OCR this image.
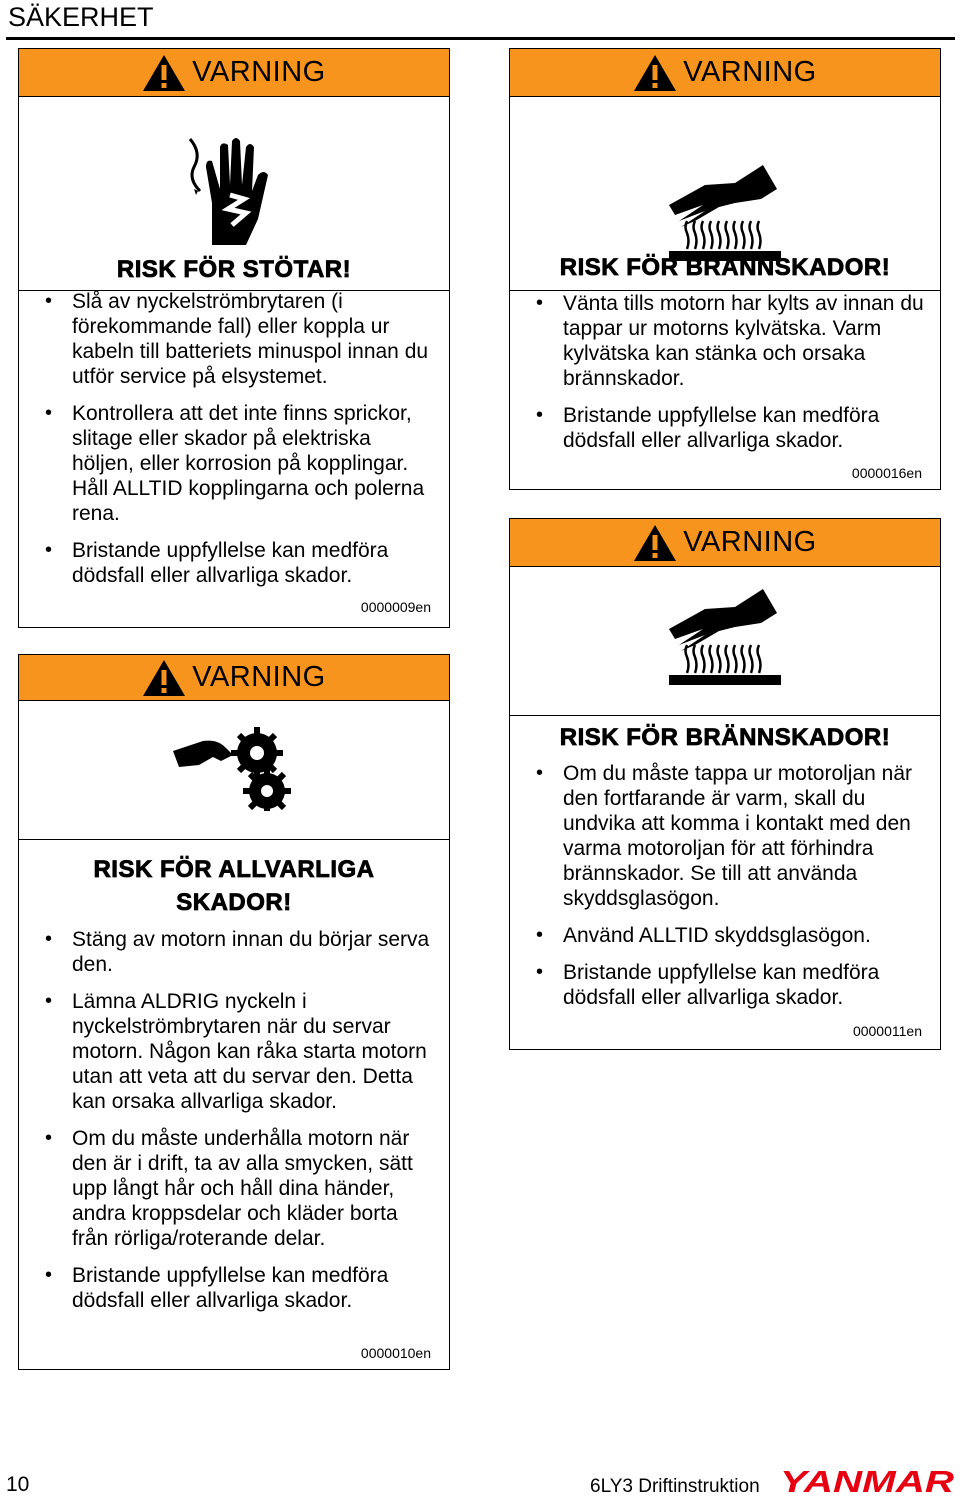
SÄKERHET
VARNING
RISK FÖR STÖTAR!
• Slå av nyckelströmbrytaren (i förekommande fall) eller koppla ur kabeln till batteriets minuspol innan du utför service på elsystemet.
• Kontrollera att det inte finns sprickor, slitage eller skador på elektriska höljen, eller korrosion på kopplingar. Håll ALLTID kopplingarna och polerna rena.
• Bristande uppfyllelse kan medföra dödsfall eller allvarliga skador.
0000009en
VARNING
RISK FÖR ALLVARLIGA SKADOR!
• Stäng av motorn innan du börjar serva den.
• Lämna ALDRIG nyckeln i nyckelströmbrytaren när du servar motorn. Någon kan råka starta motorn utan att veta att du servar den. Detta kan orsaka allvarliga skador.
• Om du måste underhålla motorn när den är i drift, ta av alla smycken, sätt upp långt hår och håll dina händer, andra kroppsdelar och kläder borta från rörliga/roterande delar.
• Bristande uppfyllelse kan medföra dödsfall eller allvarliga skador.
0000010en
VARNING
RISK FÖR BRÄNNSKADOR!
• Vänta tills motorn har kylts av innan du tappar ur motorns kylvätska. Varm kylvätska kan stänka och orsaka brännskador.
• Bristande uppfyllelse kan medföra dödsfall eller allvarliga skador.
0000016en
VARNING
RISK FÖR BRÄNNSKADOR!
• Om du måste tappa ur motoroljan när den fortfarande är varm, skall du undvika att komma i kontakt med den varma motoroljan för att förhindra brännskador. Se till att använda skyddsglasögon.
• Använd ALLTID skyddsglasögon.
• Bristande uppfyllelse kan medföra dödsfall eller allvarliga skador.
0000011en
10	6LY3 Driftinstruktion YANMAR
